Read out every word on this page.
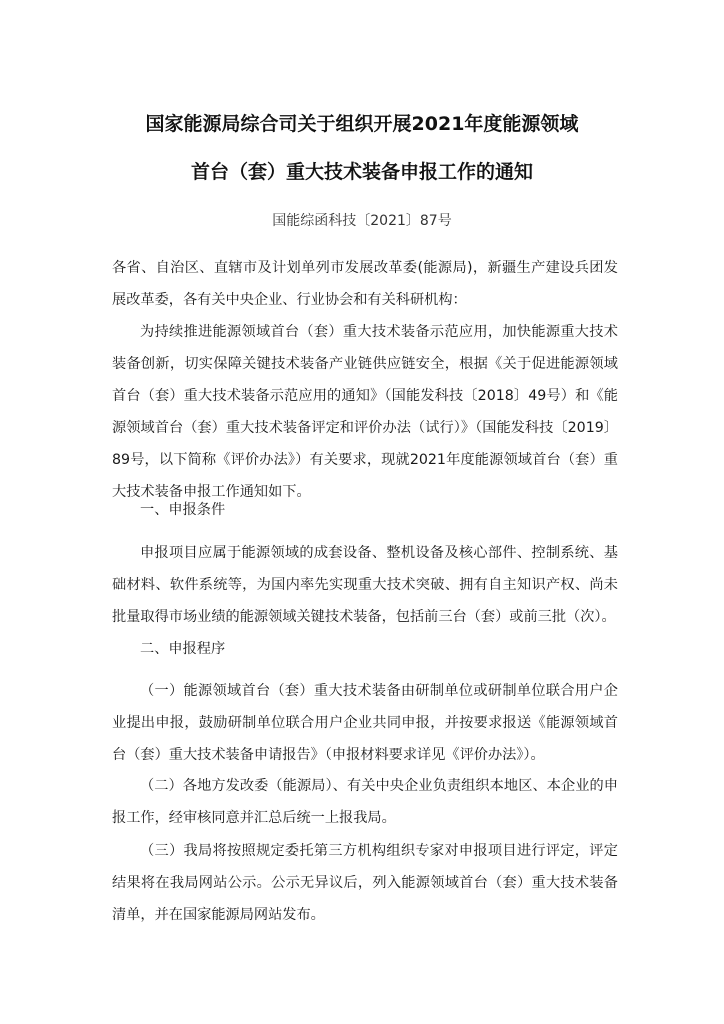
国家能源局综合司关于组织开展2021年度能源领域
首台（套）重大技术装备申报工作的通知
国能综函科技〔2021〕87号

各省、自治区、直辖市及计划单列市发展改革委(能源局)，新疆生产建设兵团发展改革委，各有关中央企业、行业协会和有关科研机构：

为持续推进能源领域首台（套）重大技术装备示范应用，加快能源重大技术装备创新，切实保障关键技术装备产业链供应链安全，根据《关于促进能源领域首台（套）重大技术装备示范应用的通知》（国能发科技〔2018〕49号）和《能源领域首台（套）重大技术装备评定和评价办法（试行）》（国能发科技〔2019〕89号，以下简称《评价办法》）有关要求，现就2021年度能源领域首台（套）重大技术装备申报工作通知如下。

一、申报条件

申报项目应属于能源领域的成套设备、整机设备及核心部件、控制系统、基础材料、软件系统等，为国内率先实现重大技术突破、拥有自主知识产权、尚未批量取得市场业绩的能源领域关键技术装备，包括前三台（套）或前三批（次）。

二、申报程序

（一）能源领域首台（套）重大技术装备由研制单位或研制单位联合用户企业提出申报，鼓励研制单位联合用户企业共同申报，并按要求报送《能源领域首台（套）重大技术装备申请报告》（申报材料要求详见《评价办法》）。

（二）各地方发改委（能源局）、有关中央企业负责组织本地区、本企业的申报工作，经审核同意并汇总后统一上报我局。

（三）我局将按照规定委托第三方机构组织专家对申报项目进行评定，评定结果将在我局网站公示。公示无异议后，列入能源领域首台（套）重大技术装备清单，并在国家能源局网站发布。
